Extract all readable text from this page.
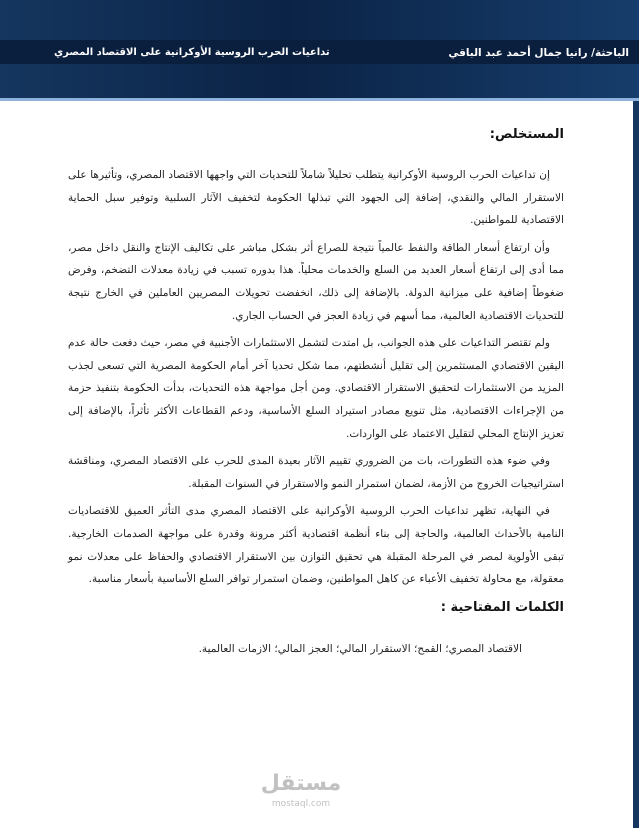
الباحثة/ رانيا جمال أحمد عبد الباقي
تداعيات الحرب الروسية الأوكرانية على الاقتصاد المصري
المستخلص:

إن تداعيات الحرب الروسية الأوكرانية يتطلب تحليلاً شاملاً للتحديات التي واجهها الاقتصاد المصري، وتأثيرها على الاستقرار المالي والنقدي، إضافة إلى الجهود التي تبذلها الحكومة لتخفيف الآثار السلبية وتوفير سبل الحماية الاقتصادية للمواطنين.

وأن ارتفاع أسعار الطاقة والنفط عالمياً نتيجة للصراع أثر بشكل مباشر على تكاليف الإنتاج والنقل داخل مصر، مما أدى إلى ارتفاع أسعار العديد من السلع والخدمات محلياً. هذا بدوره تسبب في زيادة معدلات التضخم، وفرض ضغوطاً إضافية على ميزانية الدولة. بالإضافة إلى ذلك، انخفضت تحويلات المصريين العاملين في الخارج نتيجة للتحديات الاقتصادية العالمية، مما أسهم في زيادة العجز في الحساب الجاري.

ولم تقتصر التداعيات على هذه الجوانب، بل امتدت لتشمل الاستثمارات الأجنبية في مصر، حيث دفعت حالة عدم اليقين الاقتصادي المستثمرين إلى تقليل أنشطتهم، مما شكل تحديا آخر أمام الحكومة المصرية التي تسعى لجذب المزيد من الاستثمارات لتحقيق الاستقرار الاقتصادي. ومن أجل مواجهة هذه التحديات، بدأت الحكومة بتنفيذ حزمة من الإجراءات الاقتصادية، مثل تنويع مصادر استيراد السلع الأساسية، ودعم القطاعات الأكثر تأثراً، بالإضافة إلى تعزيز الإنتاج المحلي لتقليل الاعتماد على الواردات.

وفي ضوء هذه التطورات، بات من الضروري تقييم الآثار بعيدة المدى للحرب على الاقتصاد المصري، ومناقشة استراتيجيات الخروج من الأزمة، لضمان استمرار النمو والاستقرار في السنوات المقبلة.

في النهاية، تظهر تداعيات الحرب الروسية الأوكرانية على الاقتصاد المصري مدى التأثر العميق للاقتصاديات النامية بالأحداث العالمية، والحاجة إلى بناء أنظمة اقتصادية أكثر مرونة وقدرة على مواجهة الصدمات الخارجية. تبقى الأولوية لمصر في المرحلة المقبلة هي تحقيق التوازن بين الاستقرار الاقتصادي والحفاظ على معدلات نمو معقولة، مع محاولة تخفيف الأعباء عن كاهل المواطنين، وضمان استمرار توافر السلع الأساسية بأسعار مناسبة.

الكلمات المفتاحية :
الاقتصاد المصري؛ القمح؛ الاستقرار المالي؛ العجز المالي؛ الازمات العالمية.
مستقل
mostaql.com
